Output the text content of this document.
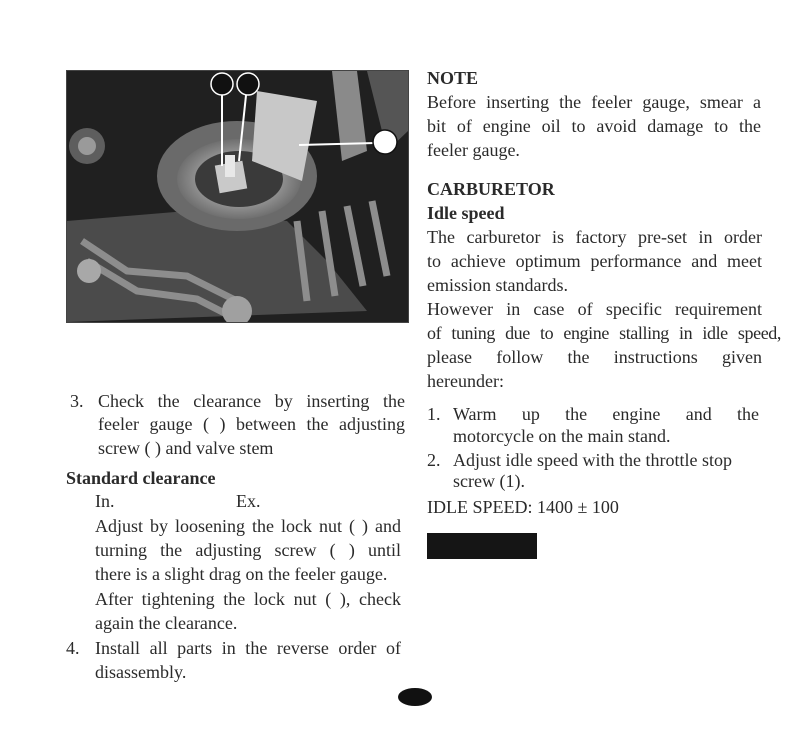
3. Check the clearance by inserting the
feeler gauge ( ) between the adjusting
screw ( ) and valve stem
Standard clearance
In.	Ex.
Adjust by loosening the lock nut ( ) and
turning the adjusting screw ( ) until
there is a slight drag on the feeler gauge.
After tightening the lock nut ( ), check
again the clearance.
4. Install all parts in the reverse order of
disassembly.
NOTE
Before inserting the feeler gauge, smear a
bit of engine oil to avoid damage to the
feeler gauge.
CARBURETOR
Idle speed
The carburetor is factory pre-set in order
to achieve optimum performance and meet
emission standards.
However in case of specific requirement
of tuning due to engine stalling in idle speed,
please follow the instructions given
hereunder:
1. Warm up the engine and the
motorcycle on the main stand.
2. Adjust idle speed with the throttle stop
screw (1).
IDLE SPEED: 1400 ± 100
